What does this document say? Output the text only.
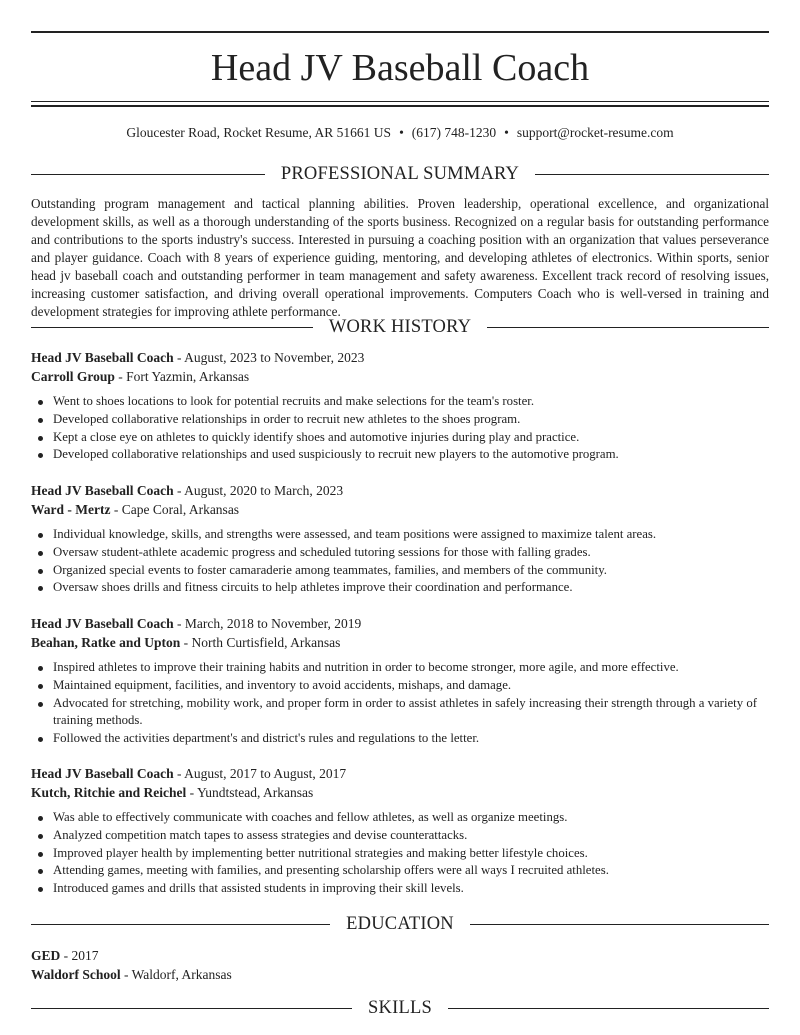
Head JV Baseball Coach
Gloucester Road, Rocket Resume, AR 51661 US • (617) 748-1230 • support@rocket-resume.com
PROFESSIONAL SUMMARY

Outstanding program management and tactical planning abilities. Proven leadership, operational excellence, and organizational development skills, as well as a thorough understanding of the sports business. Recognized on a regular basis for outstanding performance and contributions to the sports industry's success. Interested in pursuing a coaching position with an organization that values perseverance and player guidance. Coach with 8 years of experience guiding, mentoring, and developing athletes of electronics. Within sports, senior head jv baseball coach and outstanding performer in team management and safety awareness. Excellent track record of resolving issues, increasing customer satisfaction, and driving overall operational improvements. Computers Coach who is well-versed in training and development strategies for improving athlete performance.

WORK HISTORY
Head JV Baseball Coach - August, 2023 to November, 2023
Carroll Group - Fort Yazmin, Arkansas
Went to shoes locations to look for potential recruits and make selections for the team's roster.
Developed collaborative relationships in order to recruit new athletes to the shoes program.
Kept a close eye on athletes to quickly identify shoes and automotive injuries during play and practice.
Developed collaborative relationships and used suspiciously to recruit new players to the automotive program.
Head JV Baseball Coach - August, 2020 to March, 2023
Ward - Mertz - Cape Coral, Arkansas
Individual knowledge, skills, and strengths were assessed, and team positions were assigned to maximize talent areas.
Oversaw student-athlete academic progress and scheduled tutoring sessions for those with falling grades.
Organized special events to foster camaraderie among teammates, families, and members of the community.
Oversaw shoes drills and fitness circuits to help athletes improve their coordination and performance.
Head JV Baseball Coach - March, 2018 to November, 2019
Beahan, Ratke and Upton - North Curtisfield, Arkansas
Inspired athletes to improve their training habits and nutrition in order to become stronger, more agile, and more effective.
Maintained equipment, facilities, and inventory to avoid accidents, mishaps, and damage.
Advocated for stretching, mobility work, and proper form in order to assist athletes in safely increasing their strength through a variety of training methods.
Followed the activities department's and district's rules and regulations to the letter.
Head JV Baseball Coach - August, 2017 to August, 2017
Kutch, Ritchie and Reichel - Yundtstead, Arkansas
Was able to effectively communicate with coaches and fellow athletes, as well as organize meetings.
Analyzed competition match tapes to assess strategies and devise counterattacks.
Improved player health by implementing better nutritional strategies and making better lifestyle choices.
Attending games, meeting with families, and presenting scholarship offers were all ways I recruited athletes.
Introduced games and drills that assisted students in improving their skill levels.
EDUCATION
GED - 2017
Waldorf School - Waldorf, Arkansas
SKILLS
